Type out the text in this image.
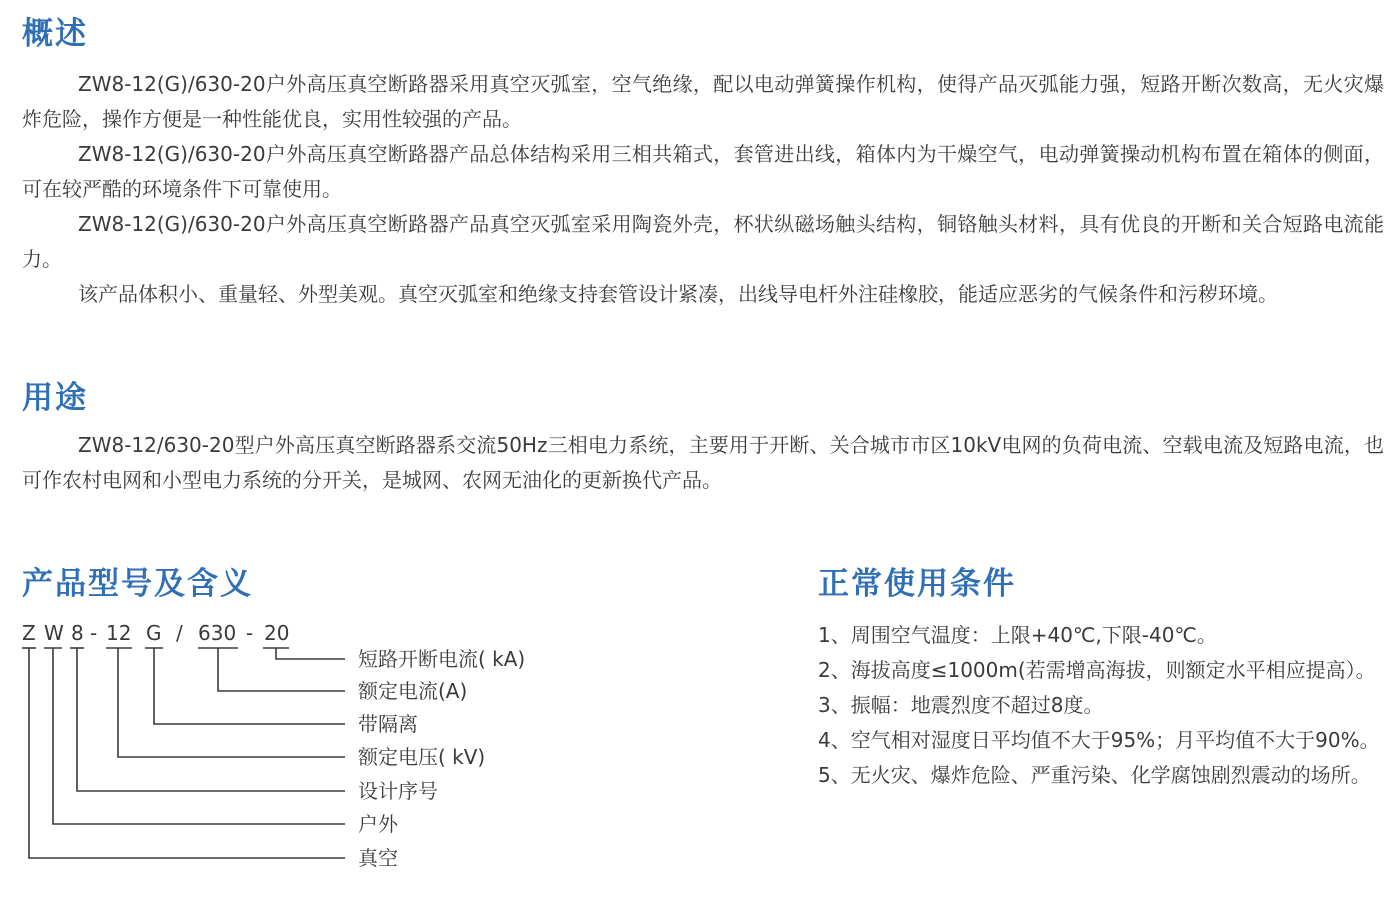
概述

ZW8-12(G)/630-20户外高压真空断路器采用真空灭弧室，空气绝缘，配以电动弹簧操作机构，使得产品灭弧能力强，短路开断次数高，无火灾爆炸危险，操作方便是一种性能优良，实用性较强的产品。

ZW8-12(G)/630-20户外高压真空断路器产品总体结构采用三相共箱式，套管进出线，箱体内为干燥空气，电动弹簧操动机构布置在箱体的侧面，可在较严酷的环境条件下可靠使用。

ZW8-12(G)/630-20户外高压真空断路器产品真空灭弧室采用陶瓷外壳，杯状纵磁场触头结构，铜铬触头材料，具有优良的开断和关合短路电流能力。

该产品体积小、重量轻、外型美观。真空灭弧室和绝缘支持套管设计紧凑，出线导电杆外注硅橡胶，能适应恶劣的气候条件和污秽环境。

用途

ZW8-12/630-20型户外高压真空断路器系交流50Hz三相电力系统，主要用于开断、关合城市市区10kV电网的负荷电流、空载电流及短路电流，也可作农村电网和小型电力系统的分开关，是城网、农网无油化的更新换代产品。

产品型号及含义
Z W 8 - 12 G / 630 - 20
短路开断电流( kA)
额定电流(A)
带隔离
额定电压( kV)
设计序号
户外
真空
正常使用条件
1、周围空气温度：上限+40℃,下限-40℃。
2、海拔高度≤1000m(若需增高海拔，则额定水平相应提高）。
3、振幅：地震烈度不超过8度。
4、空气相对湿度日平均值不大于95%；月平均值不大于90%。
5、无火灾、爆炸危险、严重污染、化学腐蚀剧烈震动的场所。
